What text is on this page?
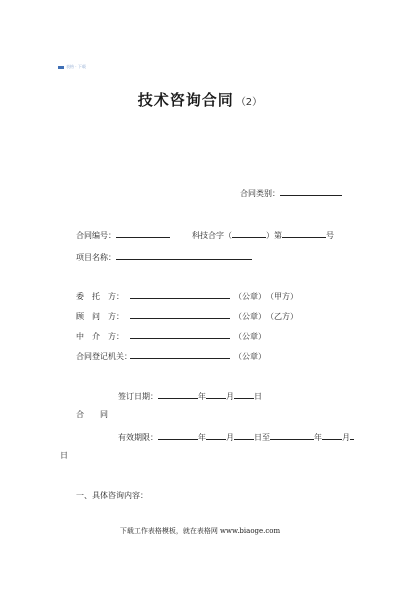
表格 · 下载
技术咨询合同 （2）
合同类别：
合同编号：	科技合字（	）第	号
项目名称：
委　托　方：	（公章） （甲方）
顾　问　方：	（公章） （乙方）
中　介　方：	（公章）
合同登记机关：	（公章）
签订日期：	年	月	日
合 同
有效期限：	年	月	日至	年	月
日
一、具体咨询内容：
下载工作表格模板，就在表格网 www.biaoge.com
